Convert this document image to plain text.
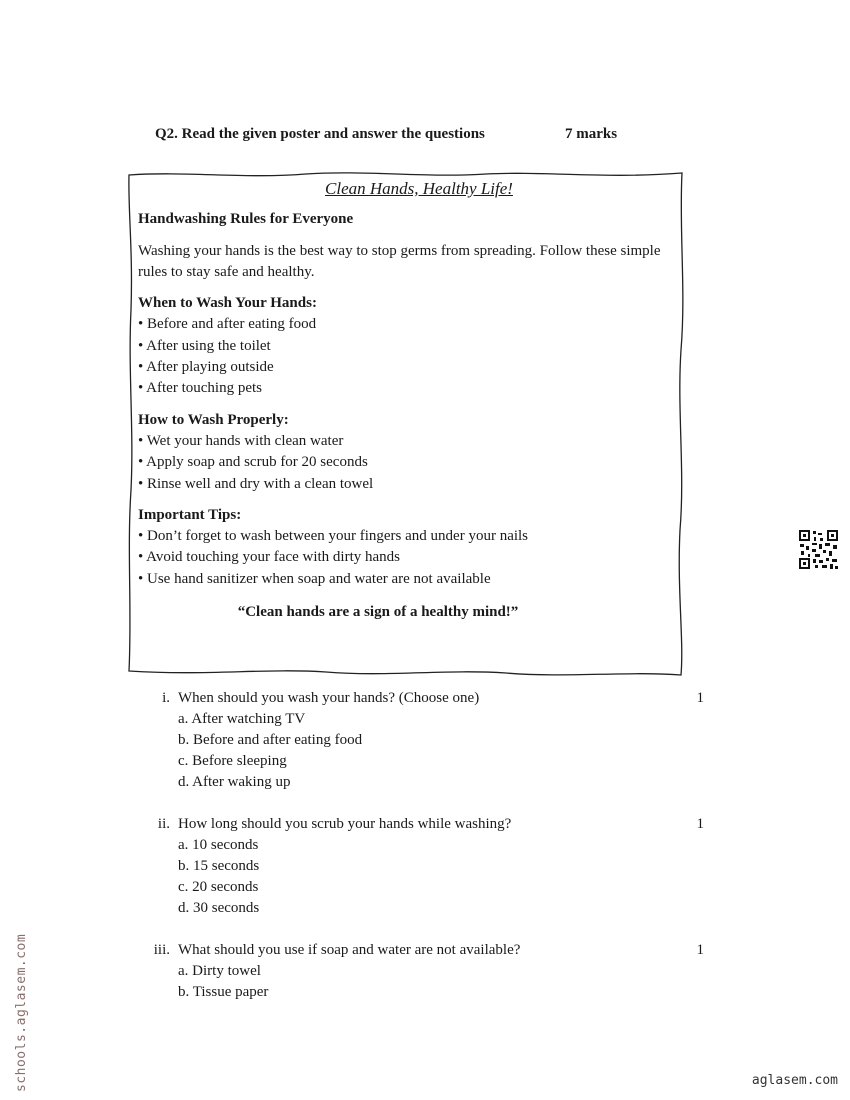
Q2. Read the given poster and answer the questions	7 marks
Clean Hands, Healthy Life!
Handwashing Rules for Everyone
Washing your hands is the best way to stop germs from spreading. Follow these simple rules to stay safe and healthy.
When to Wash Your Hands:
• Before and after eating food
• After using the toilet
• After playing outside
• After touching pets
How to Wash Properly:
• Wet your hands with clean water
• Apply soap and scrub for 20 seconds
• Rinse well and dry with a clean towel
Important Tips:
• Don’t forget to wash between your fingers and under your nails
• Avoid touching your face with dirty hands
• Use hand sanitizer when soap and water are not available
“Clean hands are a sign of a healthy mind!”
i. When should you wash your hands? (Choose one)	1
a. After watching TV
b. Before and after eating food
c. Before sleeping
d. After waking up
ii. How long should you scrub your hands while washing?	1
a. 10 seconds
b. 15 seconds
c. 20 seconds
d. 30 seconds
iii. What should you use if soap and water are not available?	1
a. Dirty towel
b. Tissue paper
schools.aglasem.com	aglasem.com
